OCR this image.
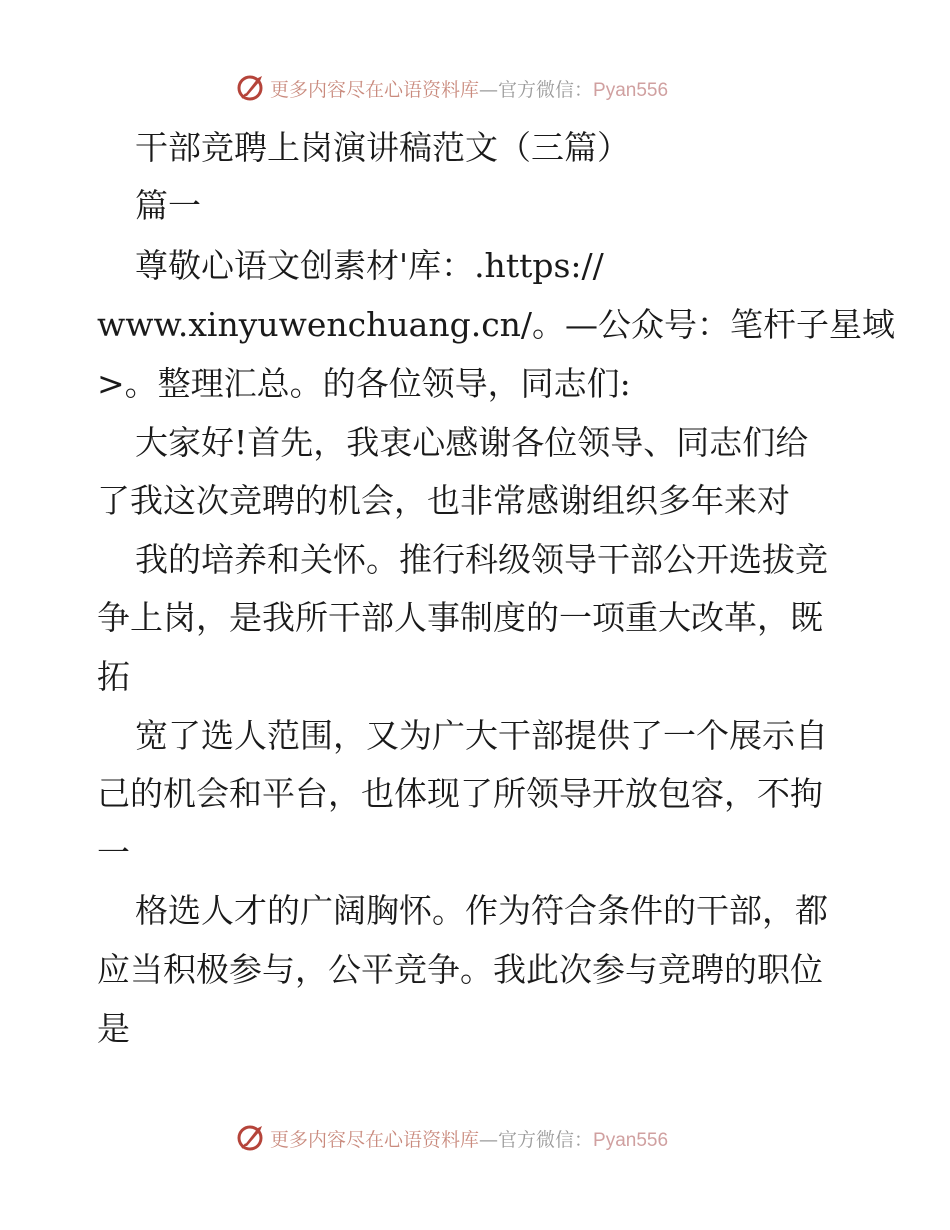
更多内容尽在心语资料库—官方微信：Pyan556
干部竞聘上岗演讲稿范文（三篇）
篇一
尊敬心语文创素材'库：.https://
www.xinyuwenchuang.cn/。—公众号：笔杆子星域
>。整理汇总。的各位领导，同志们:
大家好!首先，我衷心感谢各位领导、同志们给
了我这次竞聘的机会，也非常感谢组织多年来对
我的培养和关怀。推行科级领导干部公开选拔竞
争上岗，是我所干部人事制度的一项重大改革，既
拓
宽了选人范围，又为广大干部提供了一个展示自
己的机会和平台，也体现了所领导开放包容，不拘
一
格选人才的广阔胸怀。作为符合条件的干部，都
应当积极参与，公平竞争。我此次参与竞聘的职位
是
更多内容尽在心语资料库—官方微信：Pyan556
